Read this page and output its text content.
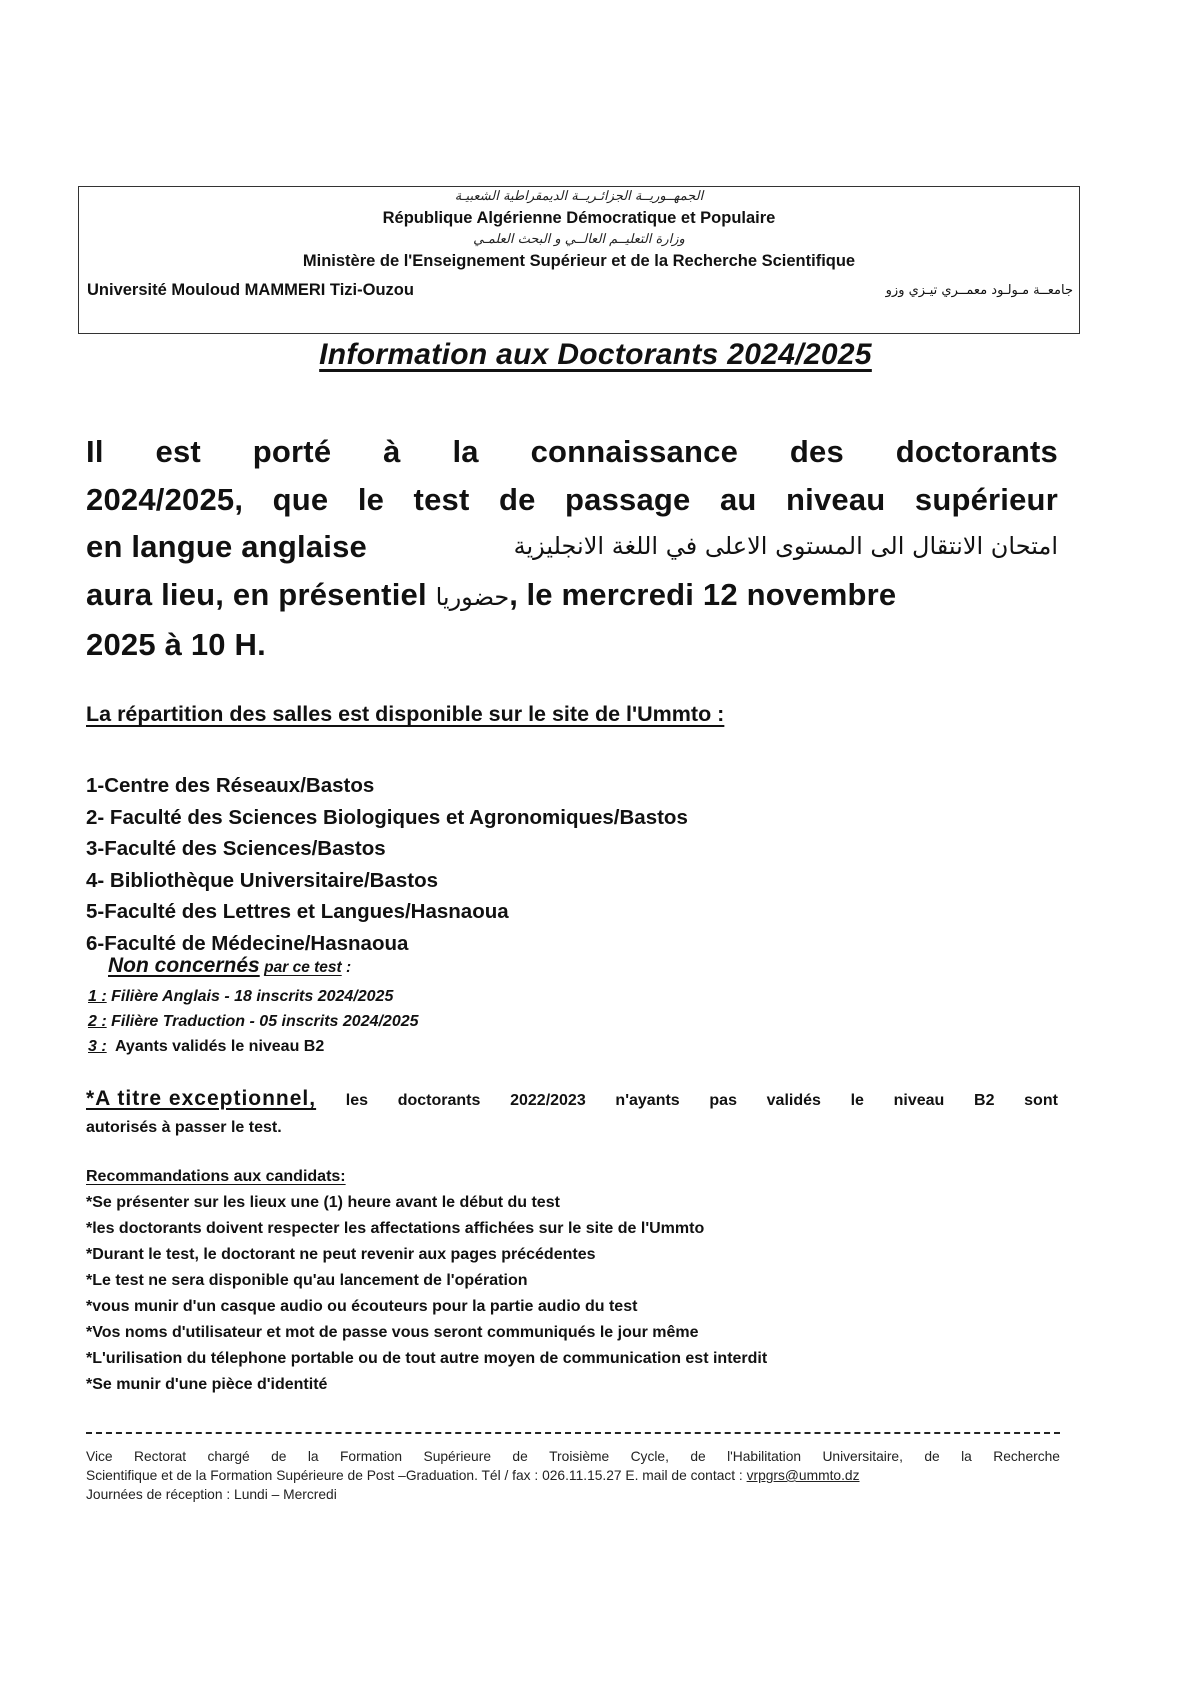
الجمهــوريــة الجزائـريــة الديمقراطية الشعبيـة
République Algérienne Démocratique et Populaire
وزارة التعليــم العالــي و البحث العلمـي
Ministère de l'Enseignement Supérieur et de la Recherche Scientifique
Université Mouloud MAMMERI Tizi-Ouzou	جامعــة مـولـود معمــري تيـزي وزو
Information aux Doctorants 2024/2025
Il est porté à la connaissance des doctorants
2024/2025, que le test de passage au niveau supérieur
en langue anglaise	امتحان الانتقال الى المستوى الاعلى في اللغة الانجليزية
aura lieu, en présentiel حضوريا, le mercredi 12 novembre
2025 à 10 H.
La répartition des salles est disponible sur le site de l'Ummto :
1-Centre des Réseaux/Bastos
2- Faculté des Sciences Biologiques et Agronomiques/Bastos
3-Faculté des Sciences/Bastos
4- Bibliothèque Universitaire/Bastos
5-Faculté des Lettres et Langues/Hasnaoua
6-Faculté de Médecine/Hasnaoua
Non concernés par ce test :
1 : Filière Anglais - 18 inscrits 2024/2025
2 : Filière Traduction - 05 inscrits 2024/2025
3 :  Ayants validés le niveau B2
*A titre exceptionnel, les doctorants 2022/2023 n'ayants pas validés le niveau B2 sont
autorisés à passer le test.
Recommandations aux candidats:
*Se présenter sur les lieux une (1) heure avant le début du test
*les doctorants doivent respecter les affectations affichées sur le site de l'Ummto
*Durant le test, le doctorant ne peut revenir aux pages précédentes
*Le test ne sera disponible qu'au lancement de l'opération
*vous munir d'un casque audio ou écouteurs pour la partie audio du test
*Vos noms d'utilisateur et mot de passe vous seront communiqués le jour même
*L'urilisation du télephone portable ou de tout autre moyen de communication est interdit
*Se munir d'une pièce d'identité
Vice Rectorat chargé de la Formation Supérieure de Troisième Cycle, de l'Habilitation Universitaire, de la Recherche
Scientifique et de la Formation Supérieure de Post –Graduation. Tél / fax : 026.11.15.27 E. mail de contact : vrpgrs@ummto.dz
Journées de réception : Lundi – Mercredi
